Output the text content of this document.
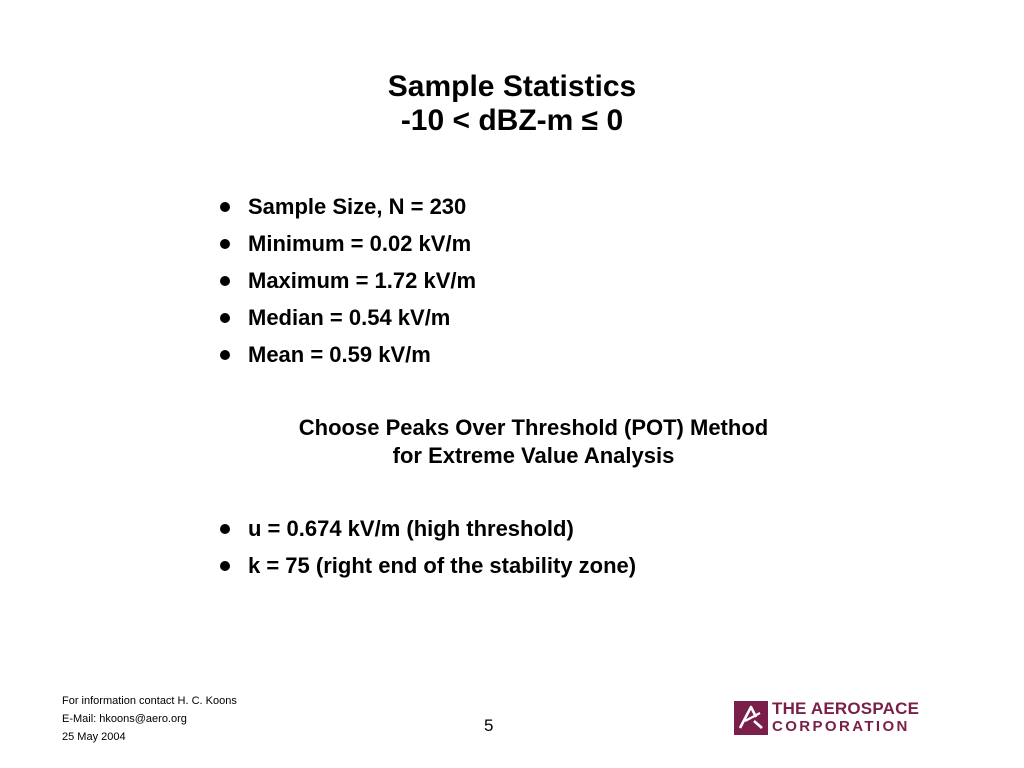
Sample Statistics
-10 < dBZ-m ≤ 0
Sample Size, N = 230
Minimum = 0.02 kV/m
Maximum = 1.72 kV/m
Median = 0.54 kV/m
Mean = 0.59 kV/m
Choose Peaks Over Threshold (POT) Method
for Extreme Value Analysis
u = 0.674 kV/m (high threshold)
k = 75 (right end of the stability zone)
For information contact H. C. Koons
E-Mail: hkoons@aero.org
25 May 2004
5
THE AEROSPACE
CORPORATION
